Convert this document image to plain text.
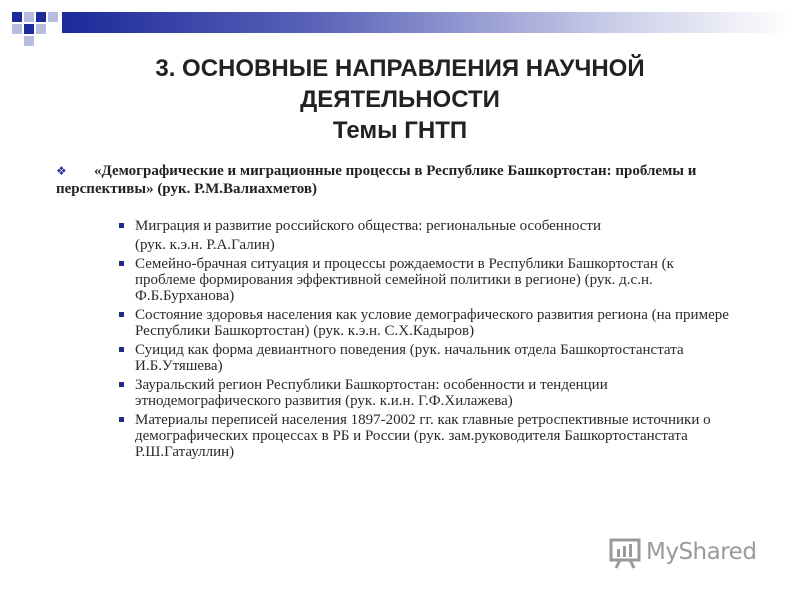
3. ОСНОВНЫЕ НАПРАВЛЕНИЯ НАУЧНОЙ
ДЕЯТЕЛЬНОСТИ
Темы ГНТП
❖	«Демографические и миграционные процессы в Республике Башкортостан: проблемы и перспективы» (рук. Р.М.Валиахметов)
Миграция и развитие российского общества: региональные особенности
(рук. к.э.н. Р.А.Галин)
Семейно-брачная ситуация и процессы рождаемости в Республики Башкортостан (к проблеме формирования эффективной семейной политики в регионе) (рук. д.с.н. Ф.Б.Бурханова)
Состояние здоровья населения как условие демографического развития региона (на примере Республики Башкортостан) (рук. к.э.н. С.Х.Кадыров)
Суицид как форма девиантного поведения (рук. начальник отдела Башкортостанстата И.Б.Утяшева)
Зауральский регион Республики Башкортостан: особенности и тенденции этнодемографического развития (рук. к.и.н. Г.Ф.Хилажева)
Материалы переписей населения 1897-2002 гг. как главные ретроспективные источники о демографических процессах в РБ и России (рук. зам.руководителя Башкортостанстата Р.Ш.Гатауллин)
MyShared
